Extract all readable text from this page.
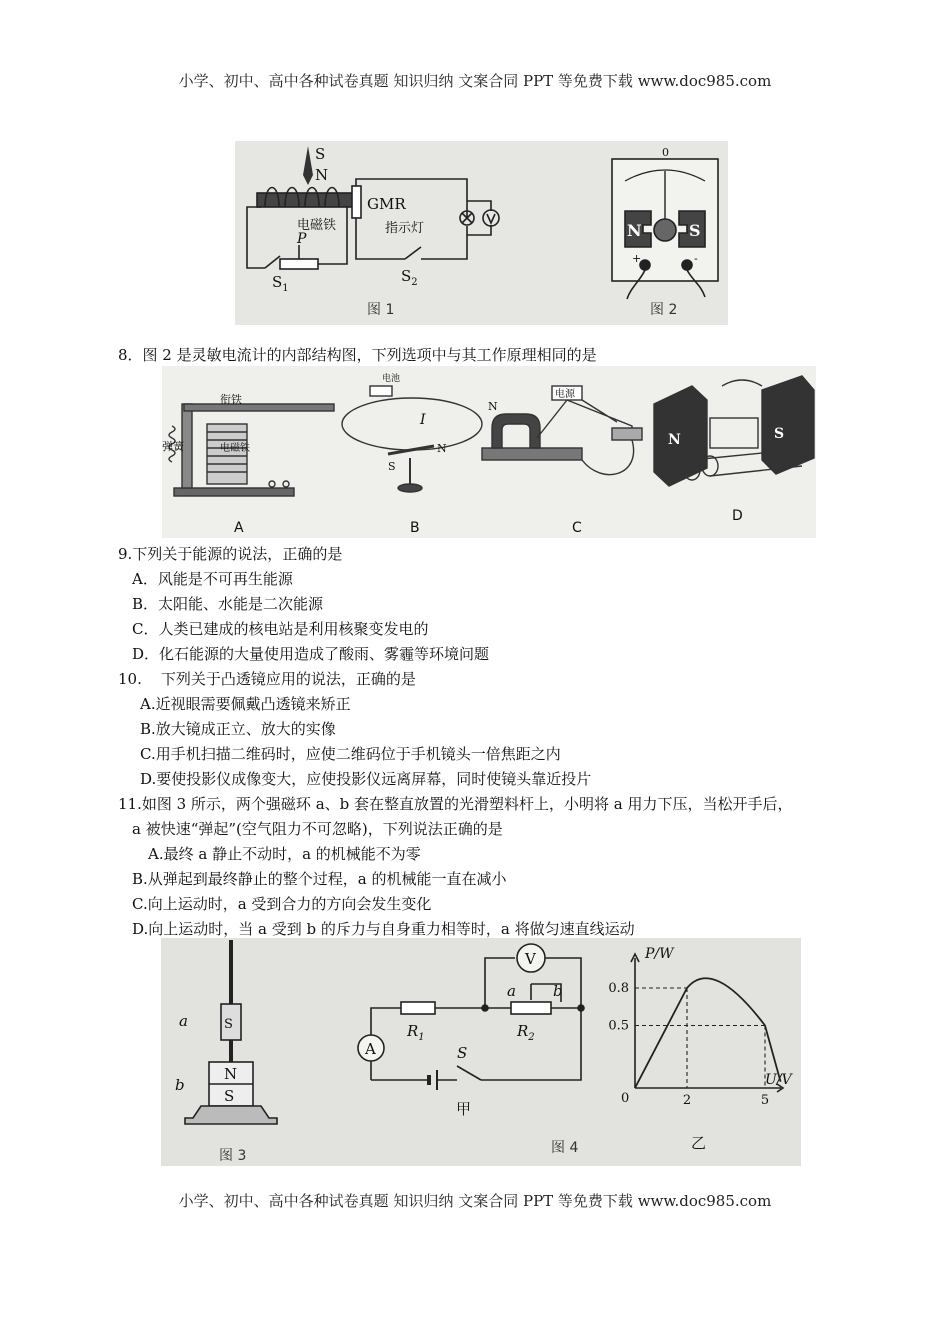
小学、初中、高中各种试卷真题 知识归纳 文案合同 PPT 等免费下载 www.doc985.com
S
N
电磁铁
P
$S_1$
GMR
指示灯
$S_2$
图 1
0
N	S
+	-
图 2
8．图 2 是灵敏电流计的内部结构图，下列选项中与其工作原理相同的是
衔铁
弹簧	电磁铁
A
电池
I
S
N
B
N
电源
C
N	S
D
9.下列关于能源的说法，正确的是
A．风能是不可再生能源
B．太阳能、水能是二次能源
C．人类已建成的核电站是利用核聚变发电的
D．化石能源的大量使用造成了酸雨、雾霾等环境问题
10.    下列关于凸透镜应用的说法，正确的是
A.近视眼需要佩戴凸透镜来矫正
B.放大镜成正立、放大的实像
C.用手机扫描二维码时，应使二维码位于手机镜头一倍焦距之内
D.要使投影仪成像变大，应使投影仪远离屏幕，同时使镜头靠近投片
11.如图 3 所示，两个强磁环 a、b 套在整直放置的光滑塑料杆上，小明将 a 用力下压，当松开手后，
a 被快速“弹起”(空气阻力不可忽略)，下列说法正确的是
A.最终 a 静止不动时，a 的机械能不为零
B.从弹起到最终静止的整个过程，a 的机械能一直在减小
C.向上运动时，a 受到合力的方向会发生变化
D.向上运动时，当 a 受到 b 的斥力与自身重力相等时，a 将做匀速直线运动
S
a
N
S
b
图 3
$R_1$	$R_2$
a b
V
S
A
甲
图 4
P/W
U/V
0
0.8
0.5
2	5
乙
小学、初中、高中各种试卷真题 知识归纳 文案合同 PPT 等免费下载 www.doc985.com
